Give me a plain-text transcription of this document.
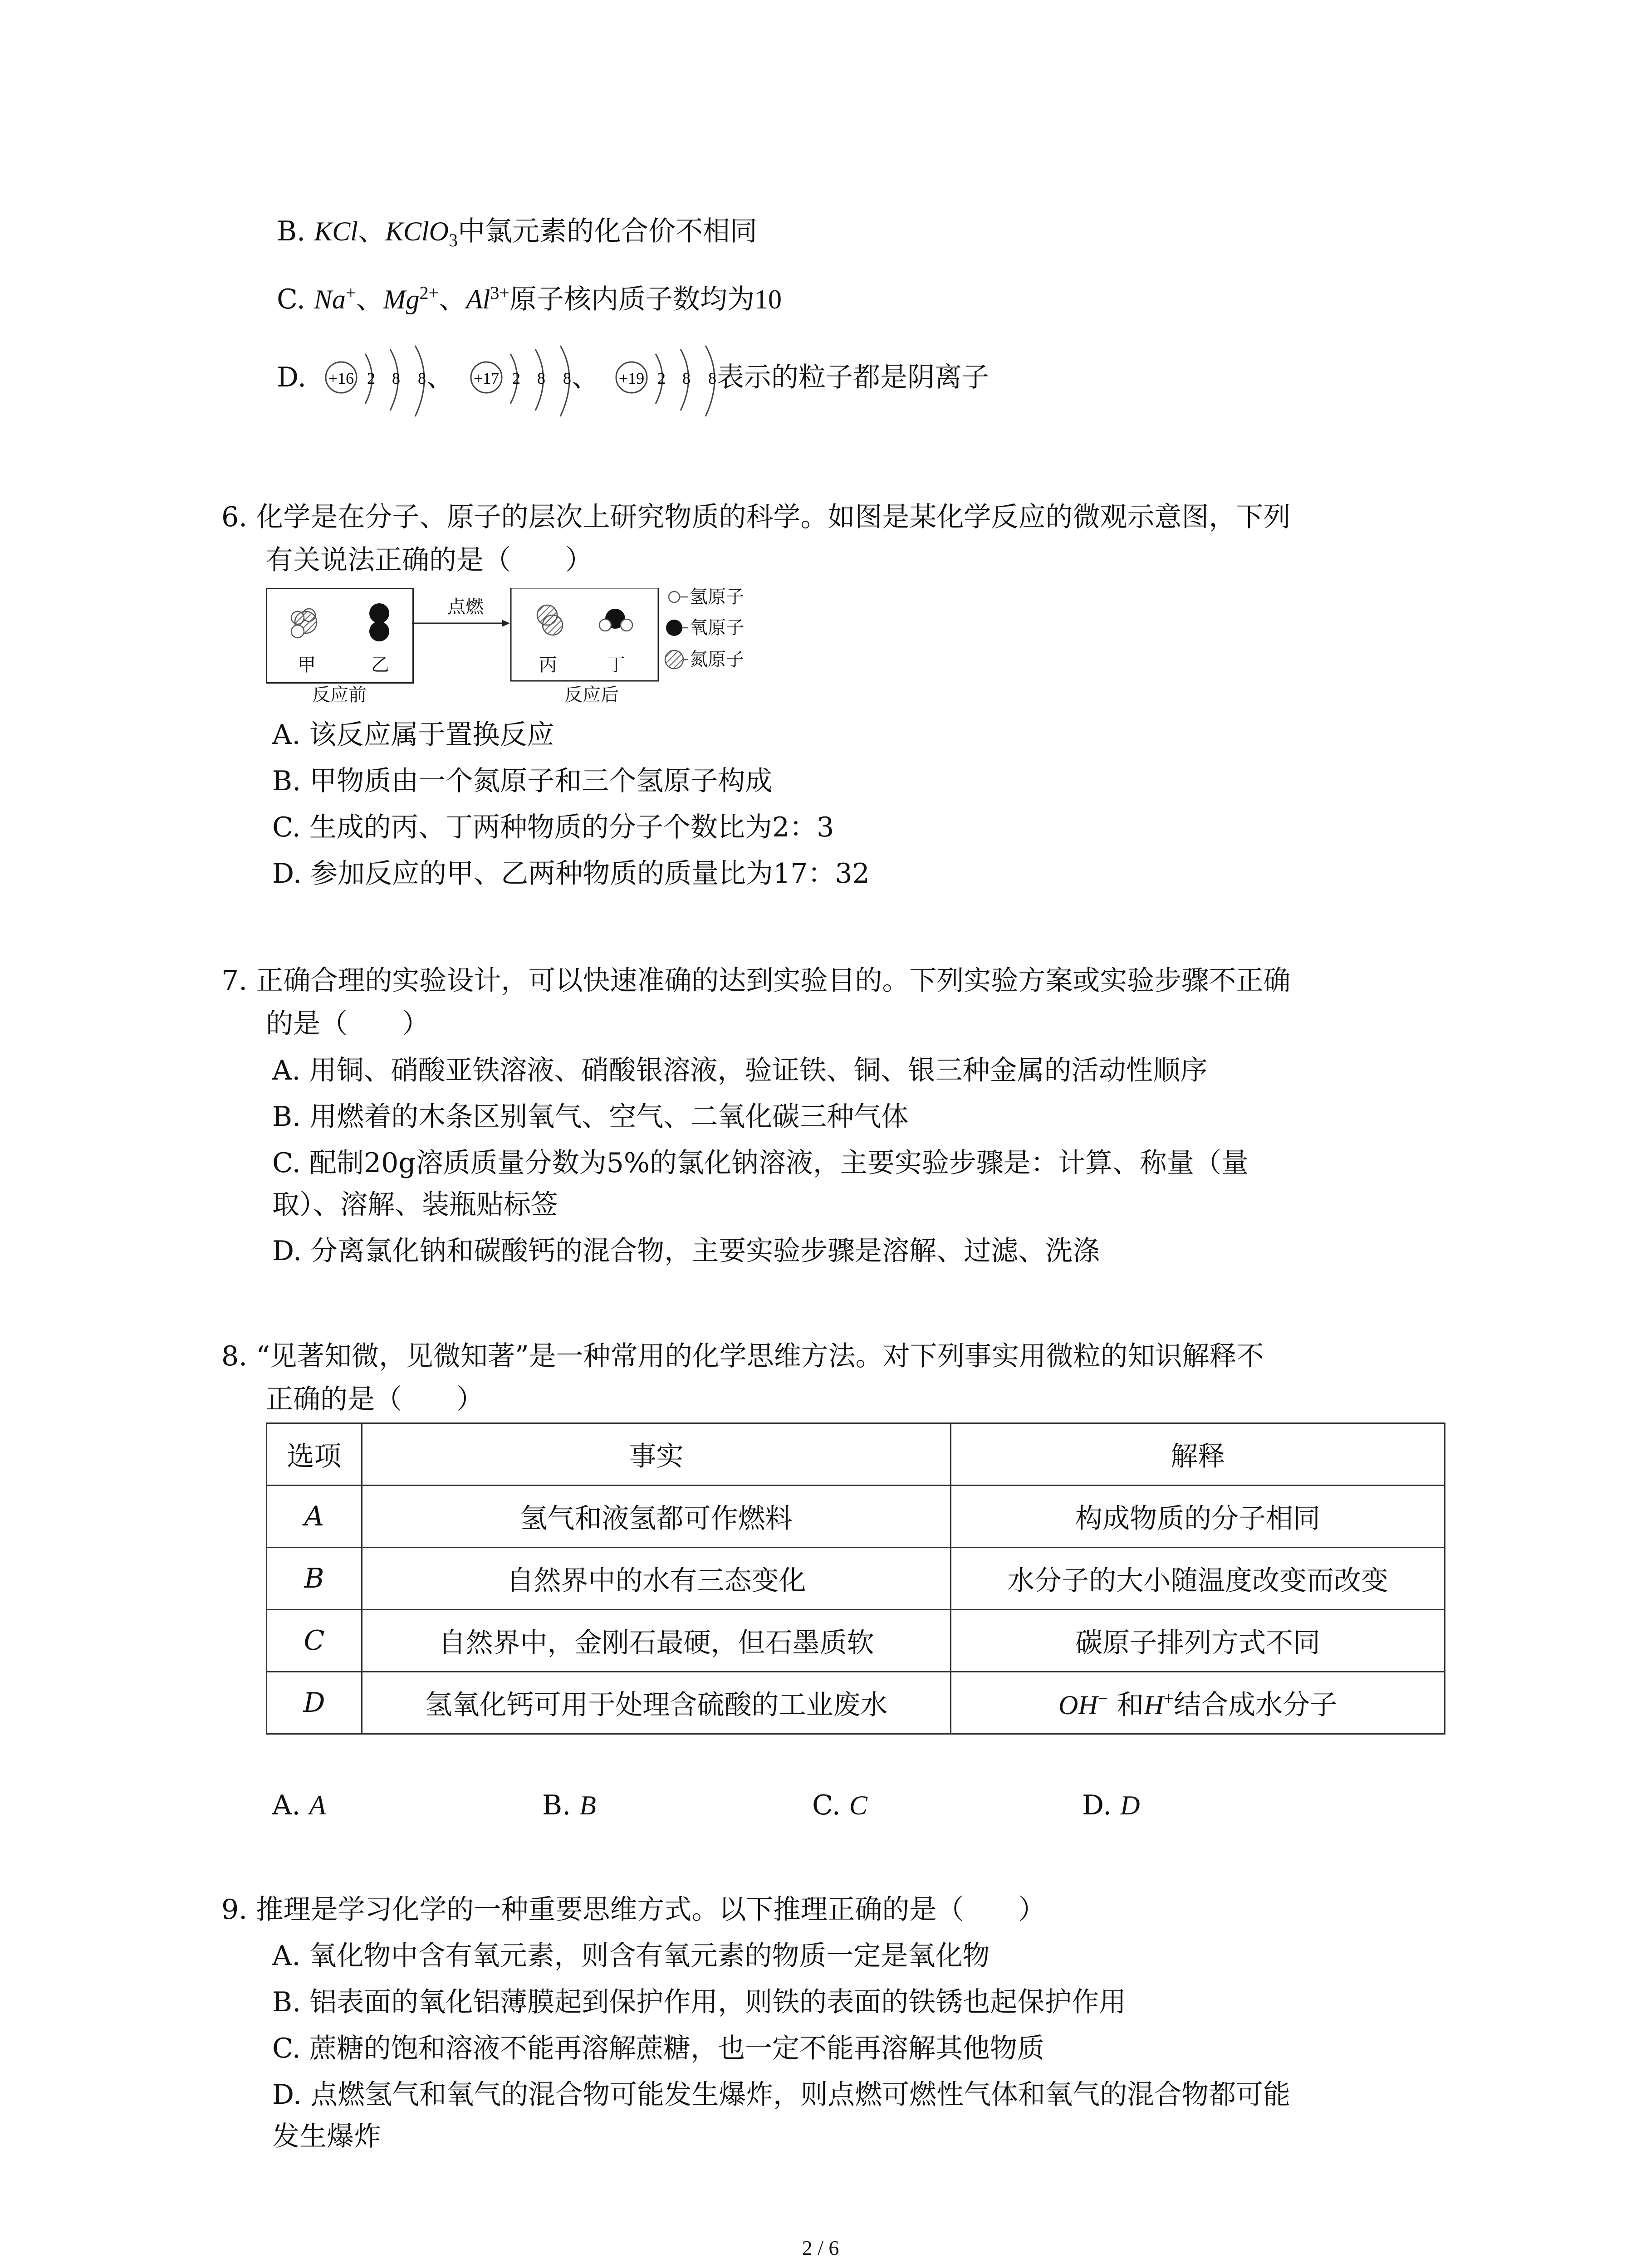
B. KCl、KClO$_3$中氯元素的化合价不相同
C. Na+、$Mg^{2+}$、$Al^{3+}$原子核内质子数均为10
D. +16 2 8 8 、 +17 2 8 8 、 +19 2 8 8 表示的粒子都是阴离子
6. 化学是在分子、原子的层次上研究物质的科学。如图是某化学反应的微观示意图，下列
有关说法正确的是（　　）
点燃
甲	乙
反应前
丙	丁
反应后
氢原子
氧原子
氮原子
A. 该反应属于置换反应
B. 甲物质由一个氮原子和三个氢原子构成
C. 生成的丙、丁两种物质的分子个数比为2：3
D. 参加反应的甲、乙两种物质的质量比为17：32
7. 正确合理的实验设计，可以快速准确的达到实验目的。下列实验方案或实验步骤不正确
的是（　　）
A. 用铜、硝酸亚铁溶液、硝酸银溶液，验证铁、铜、银三种金属的活动性顺序
B. 用燃着的木条区别氧气、空气、二氧化碳三种气体
C. 配制20g溶质质量分数为5%的氯化钠溶液，主要实验步骤是：计算、称量（量
取）、溶解、装瓶贴标签
D. 分离氯化钠和碳酸钙的混合物，主要实验步骤是溶解、过滤、洗涤
8. “见著知微，见微知著”是一种常用的化学思维方法。对下列事实用微粒的知识解释不
正确的是（　　）
选项	事实	解释
A	氢气和液氢都可作燃料	构成物质的分子相同
B	自然界中的水有三态变化	水分子的大小随温度改变而改变
C	自然界中，金刚石最硬，但石墨质软	碳原子排列方式不同
D	氢氧化钙可用于处理含硫酸的工业废水	OH− 和H+结合成水分子
A. A	B. B	C. C	D. D
9. 推理是学习化学的一种重要思维方式。以下推理正确的是（　　）
A. 氧化物中含有氧元素，则含有氧元素的物质一定是氧化物
B. 铝表面的氧化铝薄膜起到保护作用，则铁的表面的铁锈也起保护作用
C. 蔗糖的饱和溶液不能再溶解蔗糖，也一定不能再溶解其他物质
D. 点燃氢气和氧气的混合物可能发生爆炸，则点燃可燃性气体和氧气的混合物都可能
发生爆炸
2 / 6
